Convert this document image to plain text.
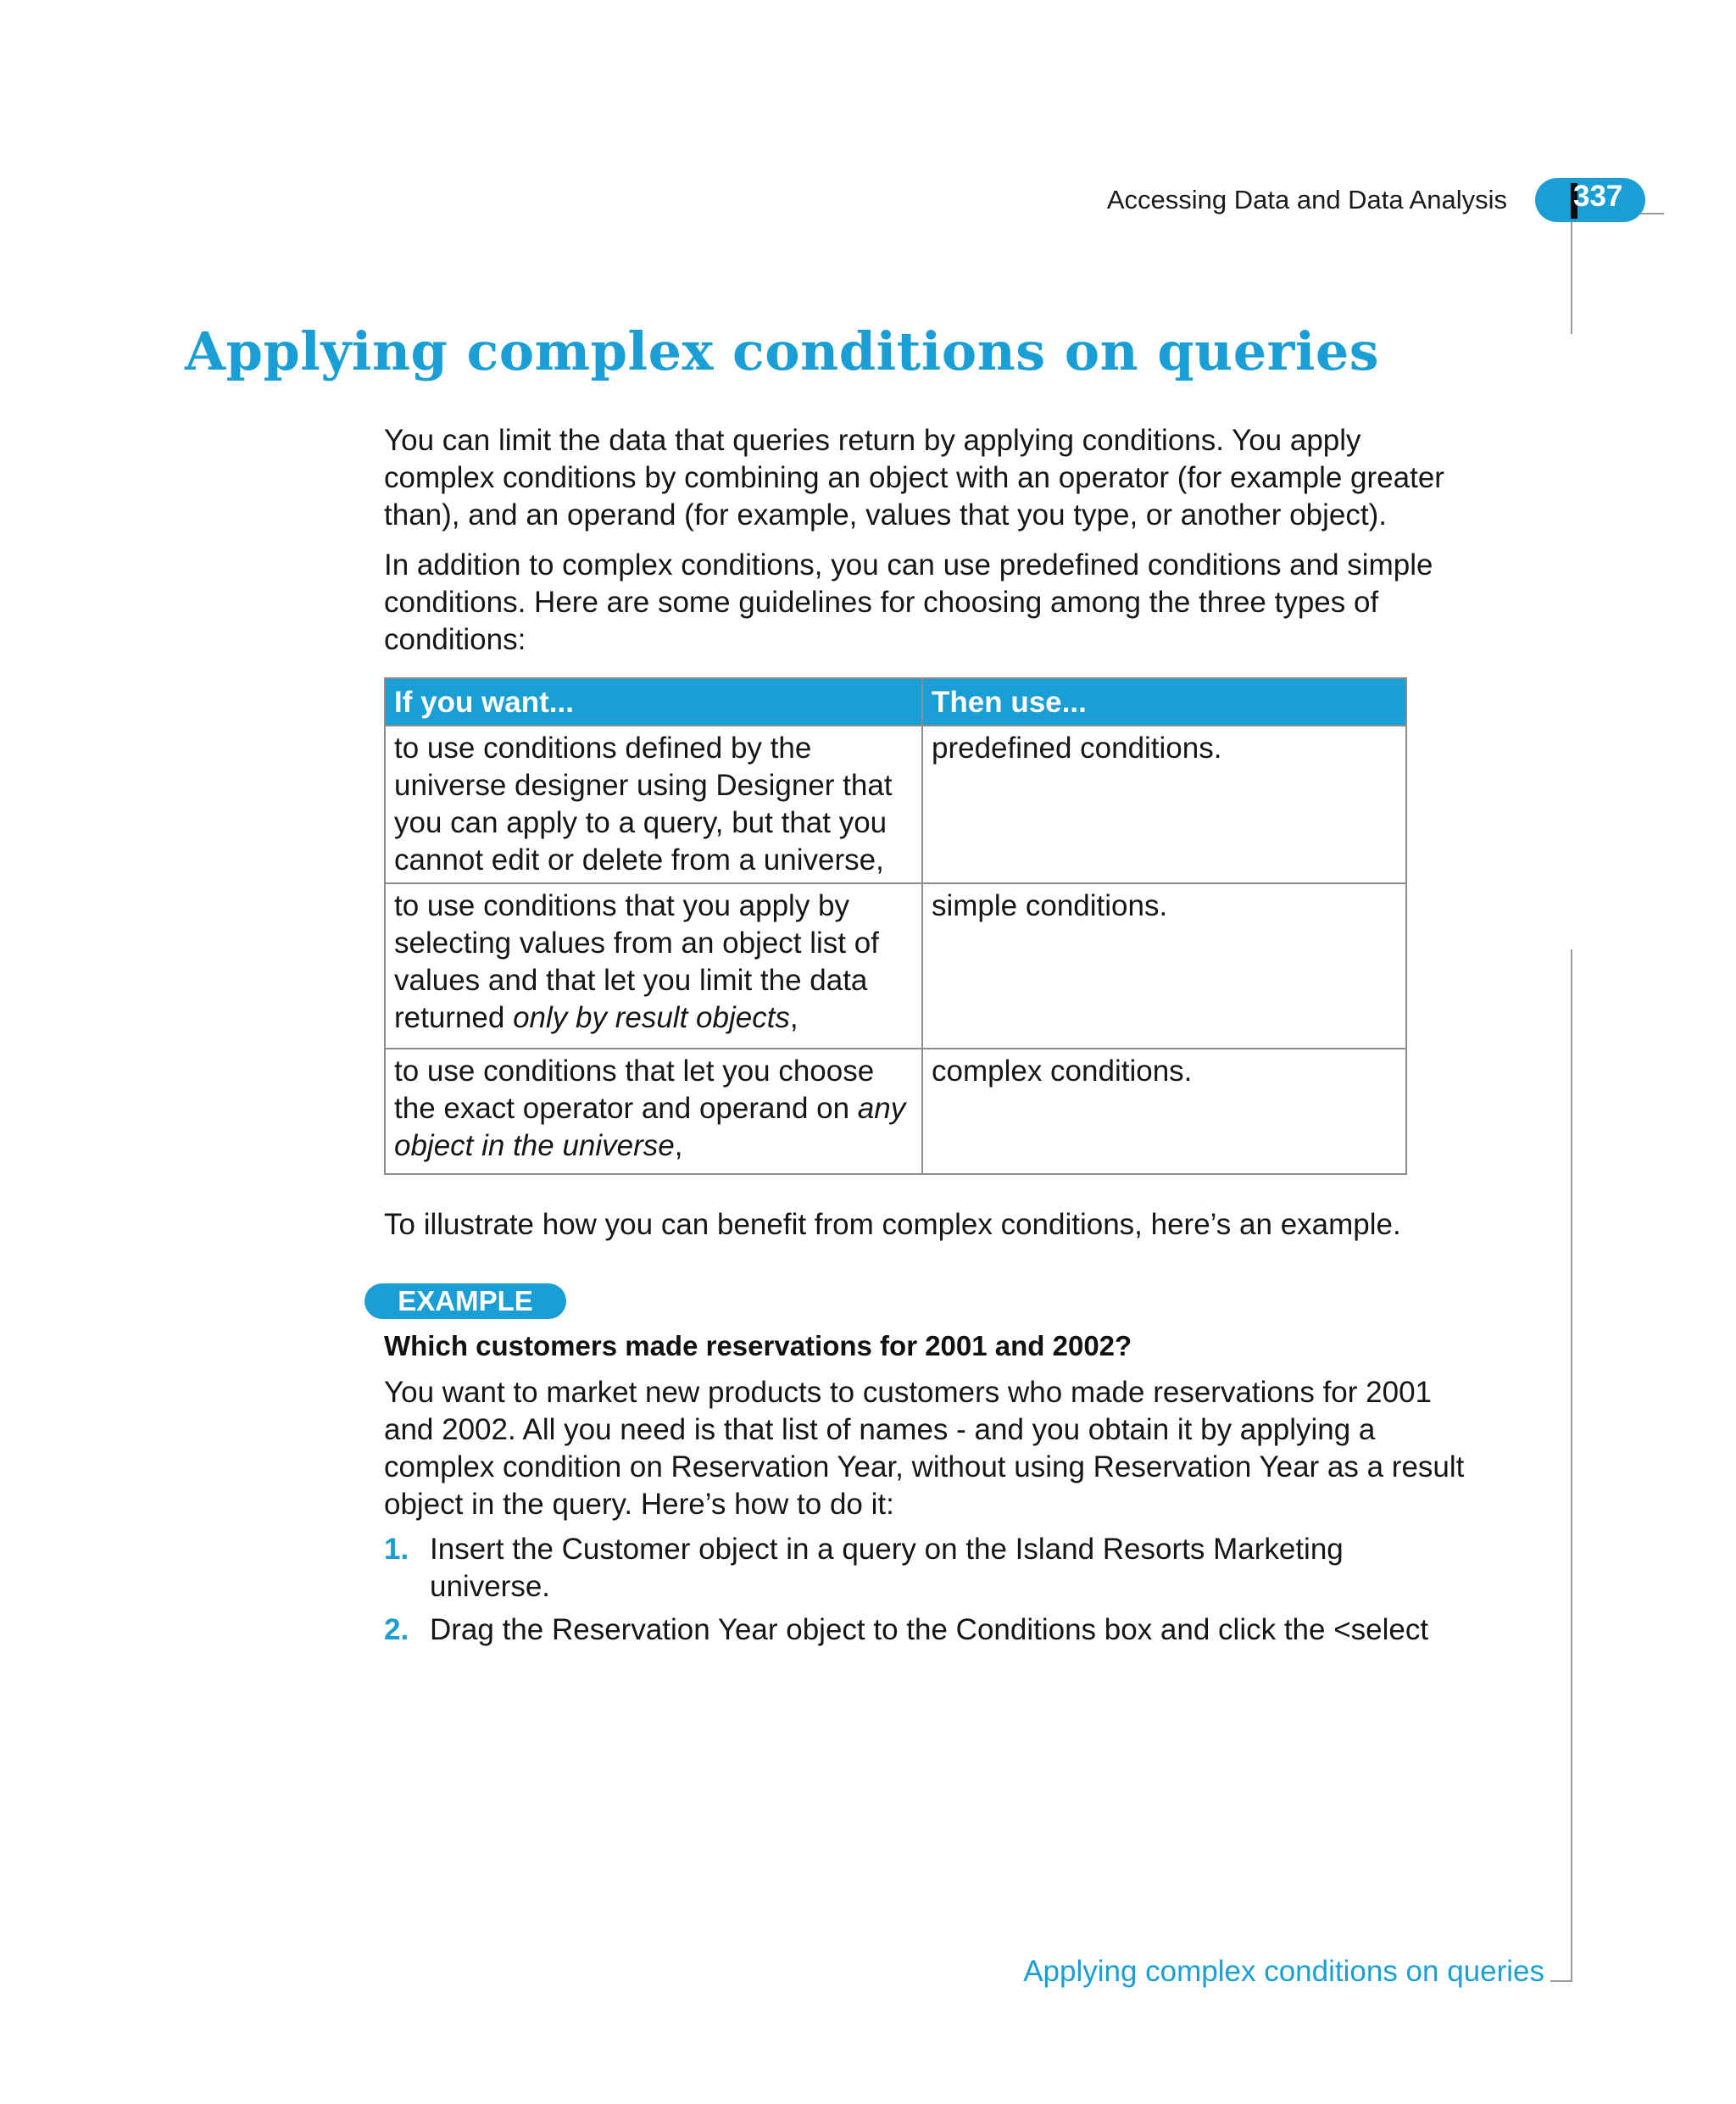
Accessing Data and Data Analysis 337
Applying complex conditions on queries
You can limit the data that queries return by applying conditions. You apply complex conditions by combining an object with an operator (for example greater than), and an operand (for example, values that you type, or another object).
In addition to complex conditions, you can use predefined conditions and simple conditions. Here are some guidelines for choosing among the three types of conditions:
If you want...	Then use...
to use conditions defined by the universe designer using Designer that you can apply to a query, but that you cannot edit or delete from a universe,	predefined conditions.
to use conditions that you apply by selecting values from an object list of values and that let you limit the data returned only by result objects,	simple conditions.
to use conditions that let you choose the exact operator and operand on any object in the universe,	complex conditions.
To illustrate how you can benefit from complex conditions, here’s an example.
EXAMPLE
Which customers made reservations for 2001 and 2002?
You want to market new products to customers who made reservations for 2001 and 2002. All you need is that list of names - and you obtain it by applying a complex condition on Reservation Year, without using Reservation Year as a result object in the query. Here’s how to do it:
1. Insert the Customer object in a query on the Island Resorts Marketing universe.
2. Drag the Reservation Year object to the Conditions box and click the <select
Applying complex conditions on queries
